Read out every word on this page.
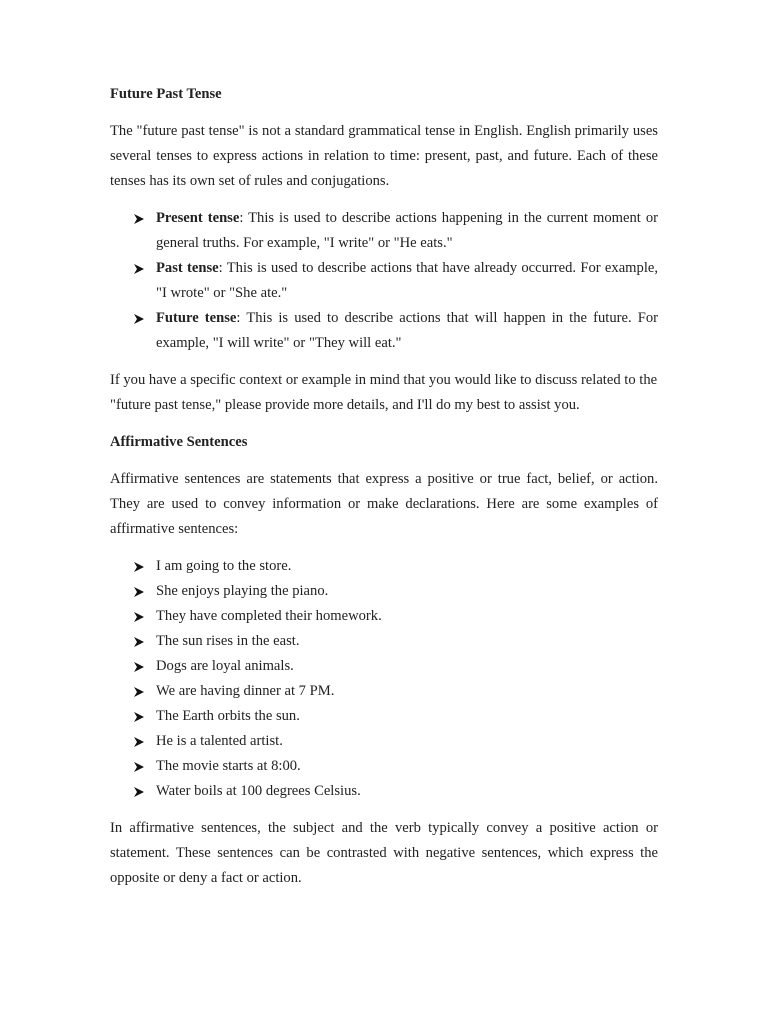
Future Past Tense

The "future past tense" is not a standard grammatical tense in English. English primarily uses several tenses to express actions in relation to time: present, past, and future. Each of these tenses has its own set of rules and conjugations.

Present tense: This is used to describe actions happening in the current moment or general truths. For example, "I write" or "He eats."
Past tense: This is used to describe actions that have already occurred. For example, "I wrote" or "She ate."
Future tense: This is used to describe actions that will happen in the future. For example, "I will write" or "They will eat."

If you have a specific context or example in mind that you would like to discuss related to the "future past tense," please provide more details, and I'll do my best to assist you.

Affirmative Sentences

Affirmative sentences are statements that express a positive or true fact, belief, or action. They are used to convey information or make declarations. Here are some examples of affirmative sentences:

I am going to the store.
She enjoys playing the piano.
They have completed their homework.
The sun rises in the east.
Dogs are loyal animals.
We are having dinner at 7 PM.
The Earth orbits the sun.
He is a talented artist.
The movie starts at 8:00.
Water boils at 100 degrees Celsius.

In affirmative sentences, the subject and the verb typically convey a positive action or statement. These sentences can be contrasted with negative sentences, which express the opposite or deny a fact or action.
